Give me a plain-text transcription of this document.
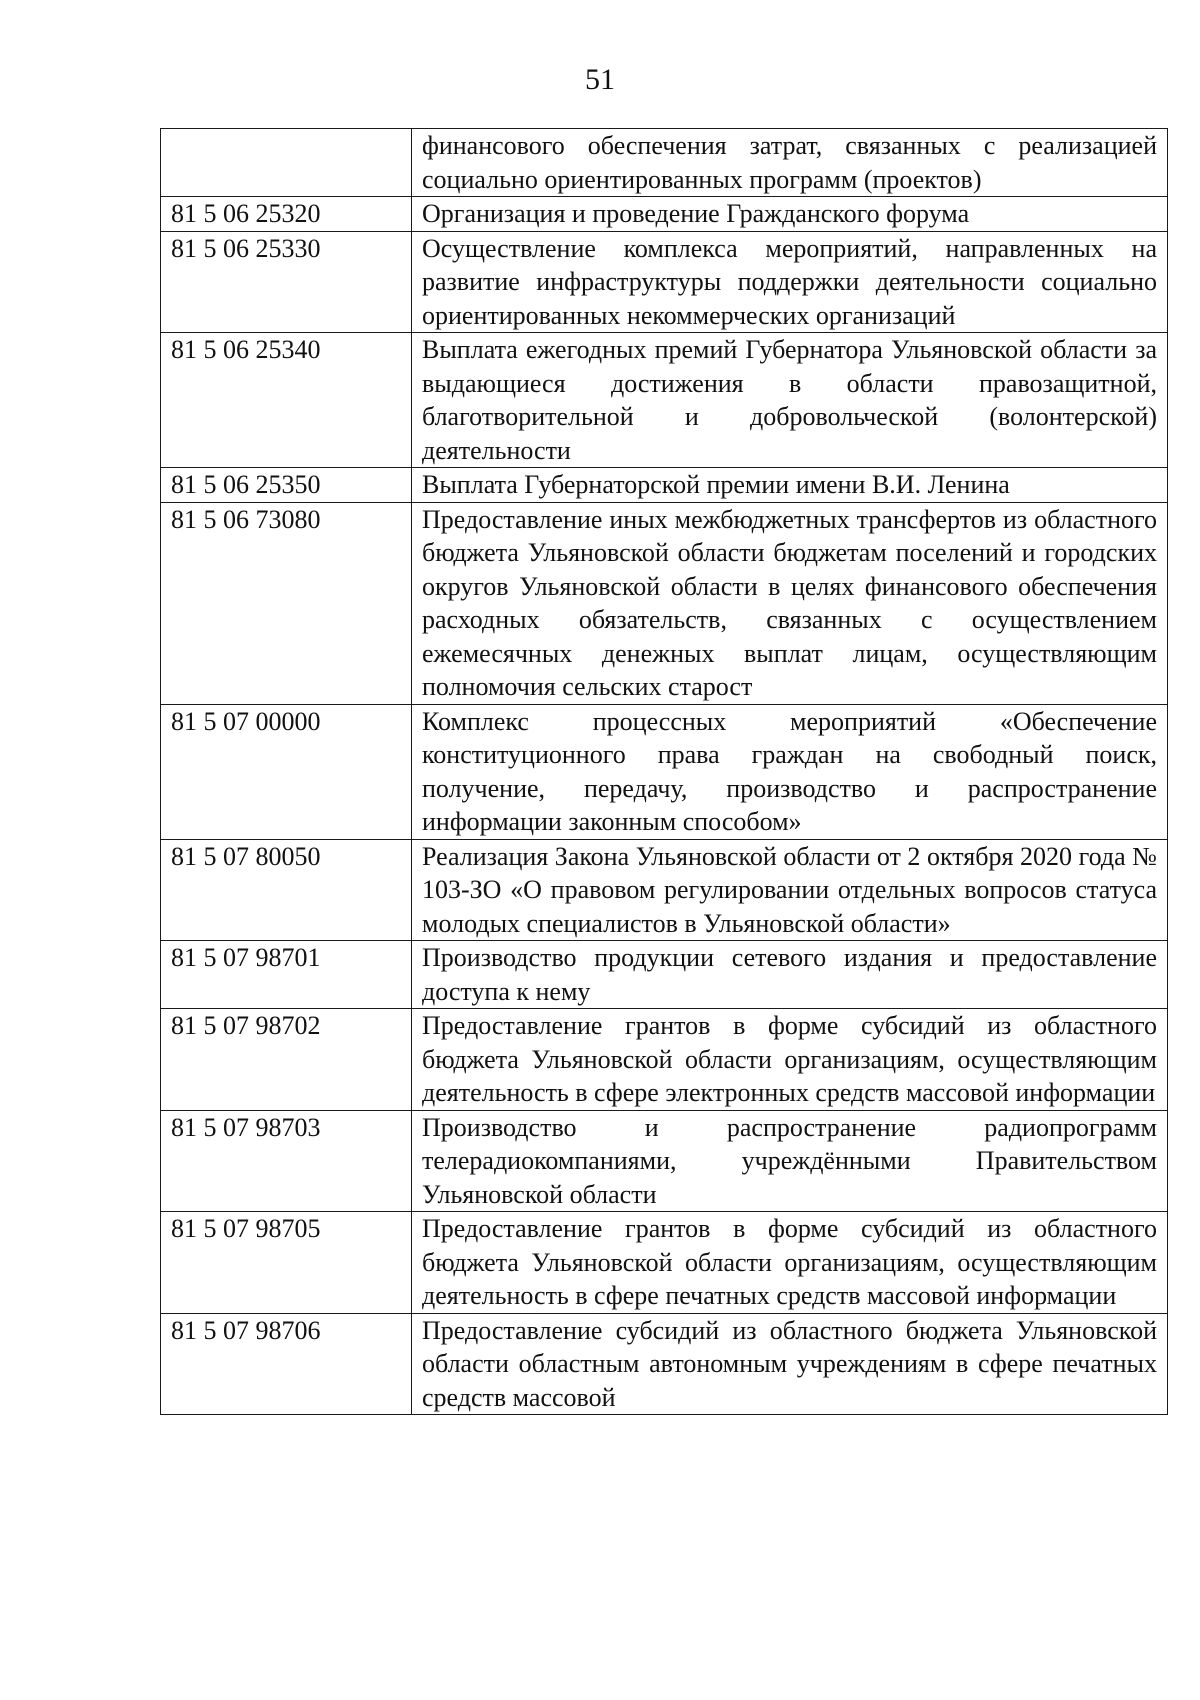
51
	финансового обеспечения затрат, связанных с реализацией социально ориентированных программ (проектов)
81 5 06 25320	Организация и проведение Гражданского форума
81 5 06 25330	Осуществление комплекса мероприятий, направленных на развитие инфраструктуры поддержки деятельности социально ориентированных некоммерческих организаций
81 5 06 25340	Выплата ежегодных премий Губернатора Ульяновской области за выдающиеся достижения в области правозащитной, благотворительной и добровольческой (волонтерской) деятельности
81 5 06 25350	Выплата Губернаторской премии имени В.И. Ленина
81 5 06 73080	Предоставление иных межбюджетных трансфертов из областного бюджета Ульяновской области бюджетам поселений и городских округов Ульяновской области в целях финансового обеспечения расходных обязательств, связанных с осуществлением ежемесячных денежных выплат лицам, осуществляющим полномочия сельских старост
81 5 07 00000	Комплекс процессных мероприятий «Обеспечение конституционного права граждан на свободный поиск, получение, передачу, производство и распространение информации законным способом»
81 5 07 80050	Реализация Закона Ульяновской области от 2 октября 2020 года № 103-ЗО «О правовом регулировании отдельных вопросов статуса молодых специалистов в Ульяновской области»
81 5 07 98701	Производство продукции сетевого издания и предоставление доступа к нему
81 5 07 98702	Предоставление грантов в форме субсидий из областного бюджета Ульяновской области организациям, осуществляющим деятельность в сфере электронных средств массовой информации
81 5 07 98703	Производство и распространение радиопрограмм телерадиокомпаниями, учреждёнными Правительством Ульяновской области
81 5 07 98705	Предоставление грантов в форме субсидий из областного бюджета Ульяновской области организациям, осуществляющим деятельность в сфере печатных средств массовой информации
81 5 07 98706	Предоставление субсидий из областного бюджета Ульяновской области областным автономным учреждениям в сфере печатных средств массовой
